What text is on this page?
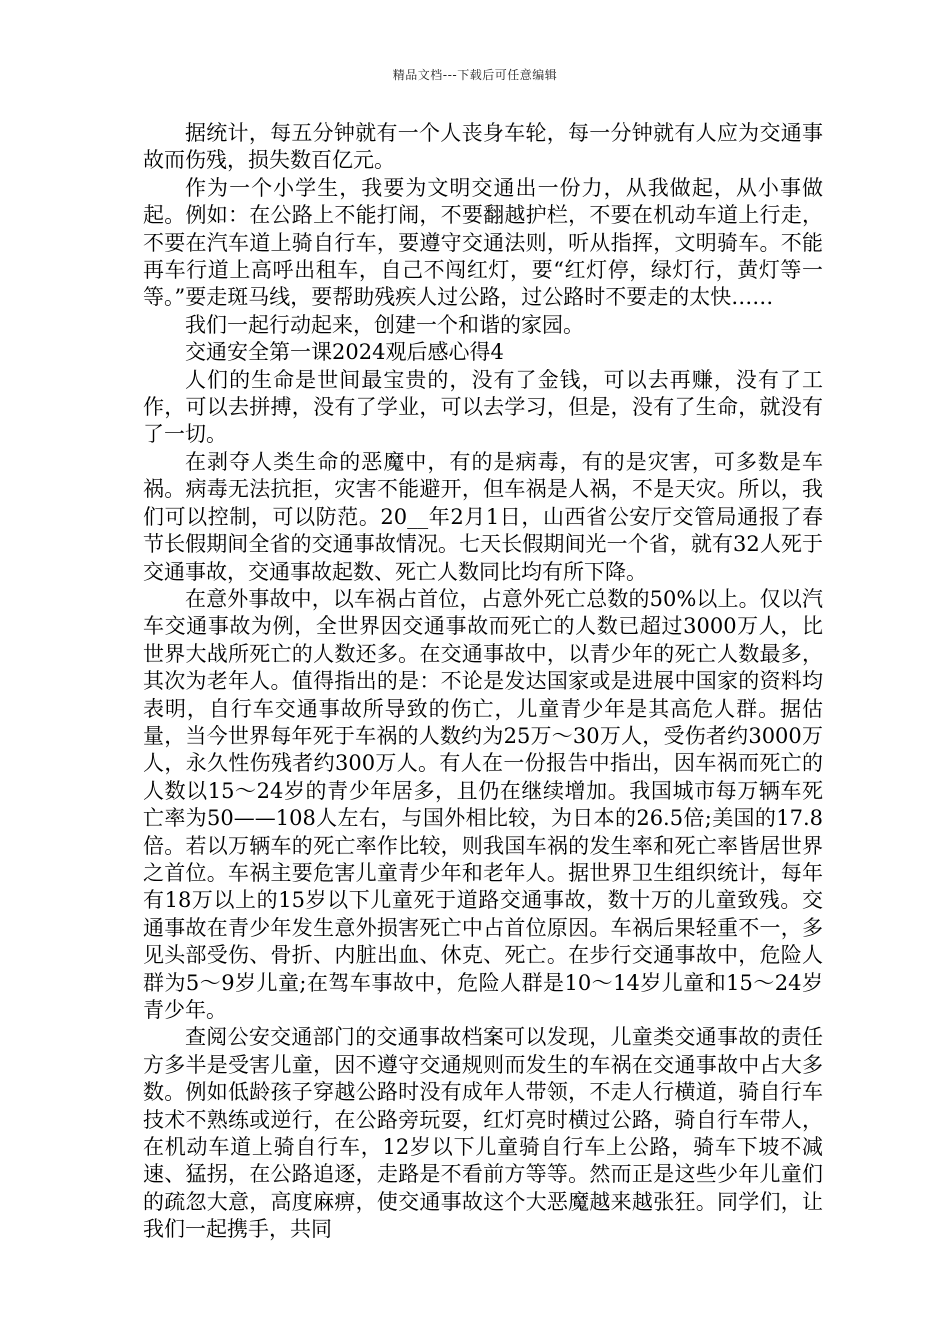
精品文档---下载后可任意编辑

据统计，每五分钟就有一个人丧身车轮，每一分钟就有人应为交通事故而伤残，损失数百亿元。

作为一个小学生，我要为文明交通出一份力，从我做起，从小事做起。例如：在公路上不能打闹，不要翻越护栏，不要在机动车道上行走，不要在汽车道上骑自行车，要遵守交通法则，听从指挥，文明骑车。不能再车行道上高呼出租车，自己不闯红灯，要“红灯停，绿灯行，黄灯等一等。”要走斑马线，要帮助残疾人过公路，过公路时不要走的太快……

我们一起行动起来，创建一个和谐的家园。

交通安全第一课2024观后感心得4

人们的生命是世间最宝贵的，没有了金钱，可以去再赚，没有了工作，可以去拼搏，没有了学业，可以去学习，但是，没有了生命，就没有了一切。

在剥夺人类生命的恶魔中，有的是病毒，有的是灾害，可多数是车祸。病毒无法抗拒，灾害不能避开，但车祸是人祸，不是天灾。所以，我们可以控制，可以防范。20__年2月1日，山西省公安厅交管局通报了春节长假期间全省的交通事故情况。七天长假期间光一个省，就有32人死于交通事故，交通事故起数、死亡人数同比均有所下降。

在意外事故中，以车祸占首位，占意外死亡总数的50%以上。仅以汽车交通事故为例，全世界因交通事故而死亡的人数已超过3000万人，比世界大战所死亡的人数还多。在交通事故中，以青少年的死亡人数最多，其次为老年人。值得指出的是：不论是发达国家或是进展中国家的资料均表明，自行车交通事故所导致的伤亡，儿童青少年是其高危人群。据估量，当今世界每年死于车祸的人数约为25万～30万人，受伤者约3000万人，永久性伤残者约300万人。有人在一份报告中指出，因车祸而死亡的人数以15～24岁的青少年居多，且仍在继续增加。我国城市每万辆车死亡率为50——108人左右，与国外相比较，为日本的26.5倍;美国的17.8倍。若以万辆车的死亡率作比较，则我国车祸的发生率和死亡率皆居世界之首位。车祸主要危害儿童青少年和老年人。据世界卫生组织统计，每年有18万以上的15岁以下儿童死于道路交通事故，数十万的儿童致残。交通事故在青少年发生意外损害死亡中占首位原因。车祸后果轻重不一，多见头部受伤、骨折、内脏出血、休克、死亡。在步行交通事故中，危险人群为5～9岁儿童;在驾车事故中，危险人群是10～14岁儿童和15～24岁青少年。

查阅公安交通部门的交通事故档案可以发现，儿童类交通事故的责任方多半是受害儿童，因不遵守交通规则而发生的车祸在交通事故中占大多数。例如低龄孩子穿越公路时没有成年人带领，不走人行横道，骑自行车技术不熟练或逆行，在公路旁玩耍，红灯亮时横过公路，骑自行车带人，在机动车道上骑自行车，12岁以下儿童骑自行车上公路，骑车下坡不减速、猛拐，在公路追逐，走路是不看前方等等。然而正是这些少年儿童们的疏忽大意，高度麻痹，使交通事故这个大恶魔越来越张狂。同学们，让我们一起携手，共同
